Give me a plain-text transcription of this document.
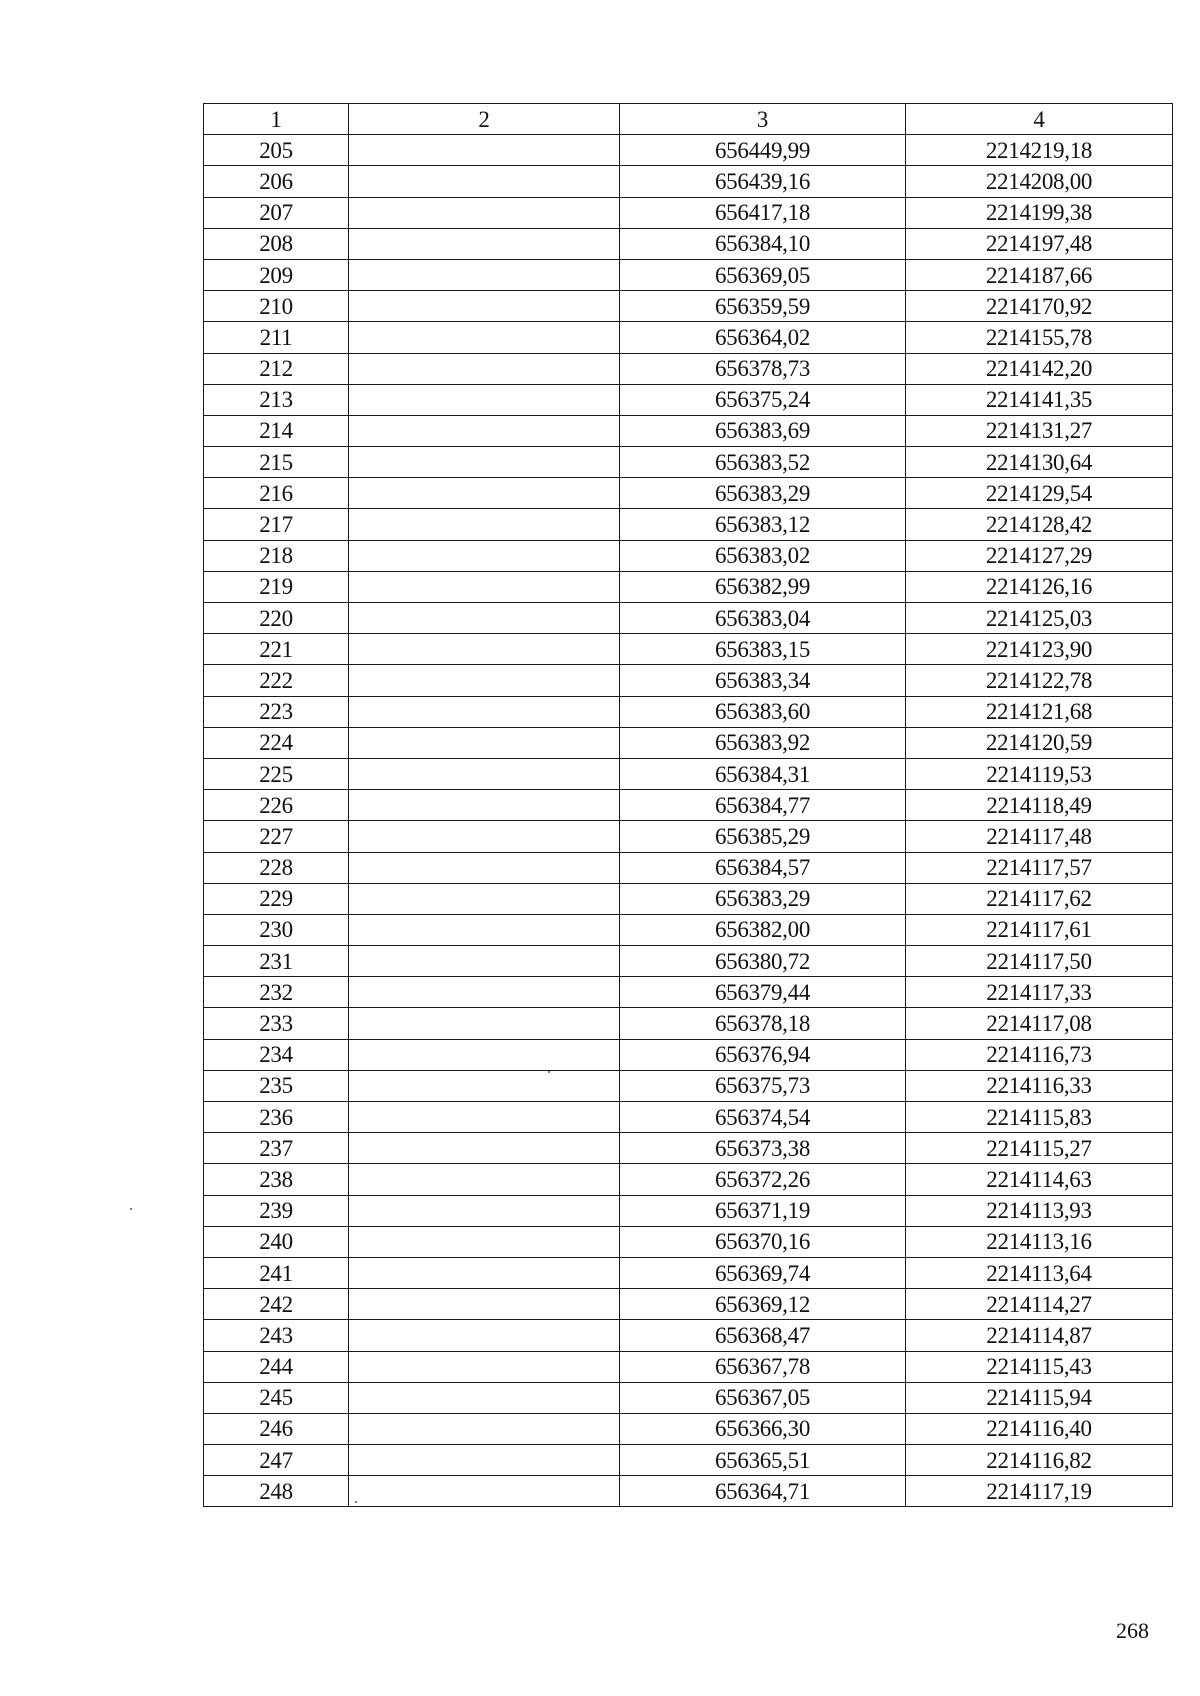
1	2	3	4
205		656449,99	2214219,18
206		656439,16	2214208,00
207		656417,18	2214199,38
208		656384,10	2214197,48
209		656369,05	2214187,66
210		656359,59	2214170,92
211		656364,02	2214155,78
212		656378,73	2214142,20
213		656375,24	2214141,35
214		656383,69	2214131,27
215		656383,52	2214130,64
216		656383,29	2214129,54
217		656383,12	2214128,42
218		656383,02	2214127,29
219		656382,99	2214126,16
220		656383,04	2214125,03
221		656383,15	2214123,90
222		656383,34	2214122,78
223		656383,60	2214121,68
224		656383,92	2214120,59
225		656384,31	2214119,53
226		656384,77	2214118,49
227		656385,29	2214117,48
228		656384,57	2214117,57
229		656383,29	2214117,62
230		656382,00	2214117,61
231		656380,72	2214117,50
232		656379,44	2214117,33
233		656378,18	2214117,08
234		656376,94	2214116,73
235		656375,73	2214116,33
236		656374,54	2214115,83
237		656373,38	2214115,27
238		656372,26	2214114,63
239		656371,19	2214113,93
240		656370,16	2214113,16
241		656369,74	2214113,64
242		656369,12	2214114,27
243		656368,47	2214114,87
244		656367,78	2214115,43
245		656367,05	2214115,94
246		656366,30	2214116,40
247		656365,51	2214116,82
248		656364,71	2214117,19
268
